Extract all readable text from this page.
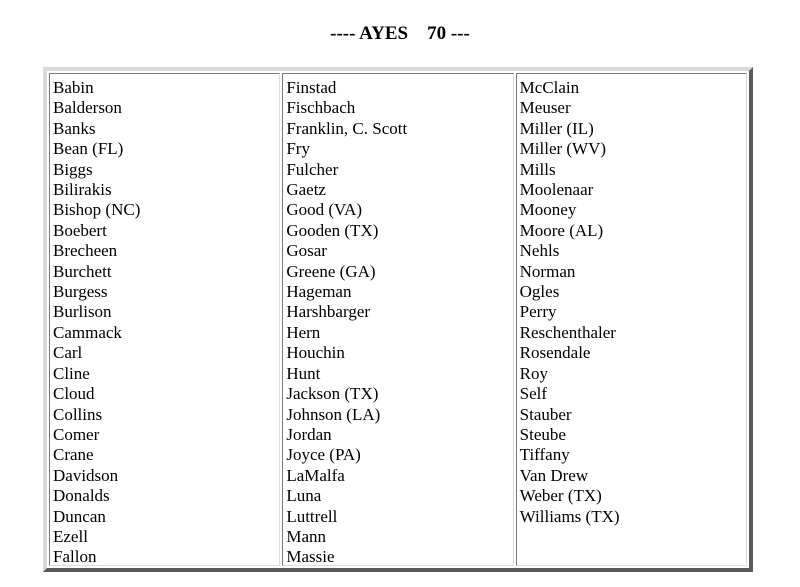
---- AYES 70 ---
Babin
Balderson
Banks
Bean (FL)
Biggs
Bilirakis
Bishop (NC)
Boebert
Brecheen
Burchett
Burgess
Burlison
Cammack
Carl
Cline
Cloud
Collins
Comer
Crane
Davidson
Donalds
Duncan
Ezell
Fallon
Finstad
Fischbach
Franklin, C. Scott
Fry
Fulcher
Gaetz
Good (VA)
Gooden (TX)
Gosar
Greene (GA)
Hageman
Harshbarger
Hern
Houchin
Hunt
Jackson (TX)
Johnson (LA)
Jordan
Joyce (PA)
LaMalfa
Luna
Luttrell
Mann
Massie
McClain
Meuser
Miller (IL)
Miller (WV)
Mills
Moolenaar
Mooney
Moore (AL)
Nehls
Norman
Ogles
Perry
Reschenthaler
Rosendale
Roy
Self
Stauber
Steube
Tiffany
Van Drew
Weber (TX)
Williams (TX)
